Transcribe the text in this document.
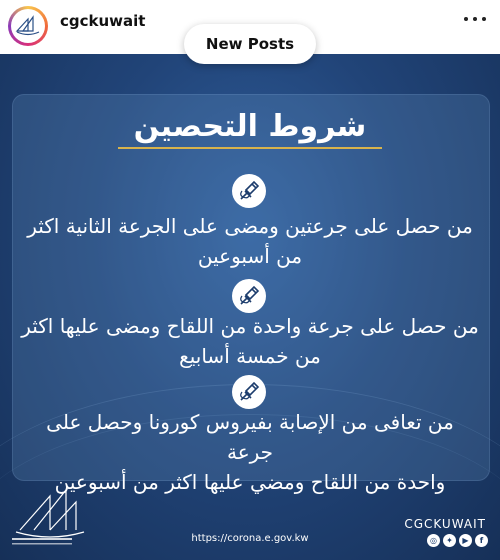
cgckuwait
New Posts
شروط التحصين
من حصل على جرعتين ومضى على الجرعة الثانية اكثر
من أسبوعين
من حصل على جرعة واحدة من اللقاح ومضى عليها اكثر
من خمسة أسابيع
من تعافى من الإصابة بفيروس كورونا وحصل على جرعة
واحدة من اللقاح ومضي عليها اكثر من أسبوعين
https://corona.e.gov.kw
CGCKUWAIT
◎	✦	▶	f
